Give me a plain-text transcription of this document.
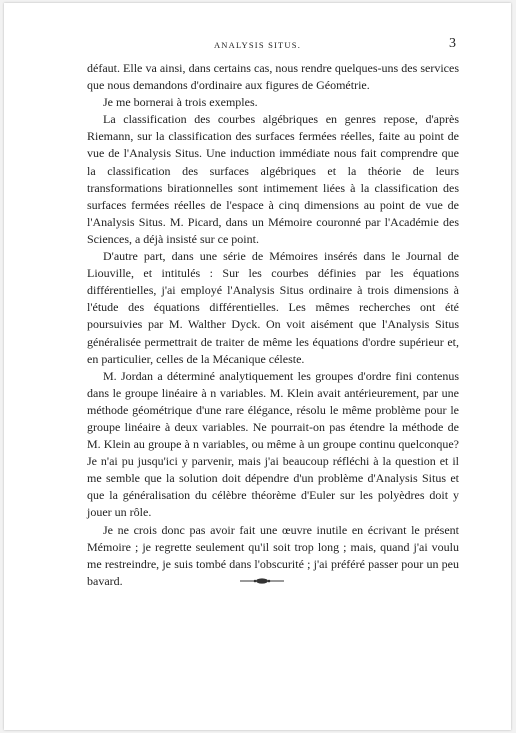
ANALYSIS SITUS.	3

défaut. Elle va ainsi, dans certains cas, nous rendre quelques-uns des services que nous demandons d'ordinaire aux figures de Géométrie.

Je me bornerai à trois exemples.

La classification des courbes algébriques en genres repose, d'après Riemann, sur la classification des surfaces fermées réelles, faite au point de vue de l'Analysis Situs. Une induction immédiate nous fait comprendre que la classification des surfaces algébriques et la théorie de leurs transformations birationnelles sont intimement liées à la classification des surfaces fermées réelles de l'espace à cinq dimensions au point de vue de l'Analysis Situs. M. Picard, dans un Mémoire couronné par l'Académie des Sciences, a déjà insisté sur ce point.

D'autre part, dans une série de Mémoires insérés dans le Journal de Liouville, et intitulés : Sur les courbes définies par les équations différentielles, j'ai employé l'Analysis Situs ordinaire à trois dimensions à l'étude des équations différentielles. Les mêmes recherches ont été poursuivies par M. Walther Dyck. On voit aisément que l'Analysis Situs généralisée permettrait de traiter de même les équations d'ordre supérieur et, en particulier, celles de la Mécanique céleste.

M. Jordan a déterminé analytiquement les groupes d'ordre fini contenus dans le groupe linéaire à n variables. M. Klein avait antérieurement, par une méthode géométrique d'une rare élégance, résolu le même problème pour le groupe linéaire à deux variables. Ne pourrait-on pas étendre la méthode de M. Klein au groupe à n variables, ou même à un groupe continu quelconque? Je n'ai pu jusqu'ici y parvenir, mais j'ai beaucoup réfléchi à la question et il me semble que la solution doit dépendre d'un problème d'Analysis Situs et que la généralisation du célèbre théorème d'Euler sur les polyèdres doit y jouer un rôle.

Je ne crois donc pas avoir fait une œuvre inutile en écrivant le présent Mémoire ; je regrette seulement qu'il soit trop long ; mais, quand j'ai voulu me restreindre, je suis tombé dans l'obscurité ; j'ai préféré passer pour un peu bavard.
